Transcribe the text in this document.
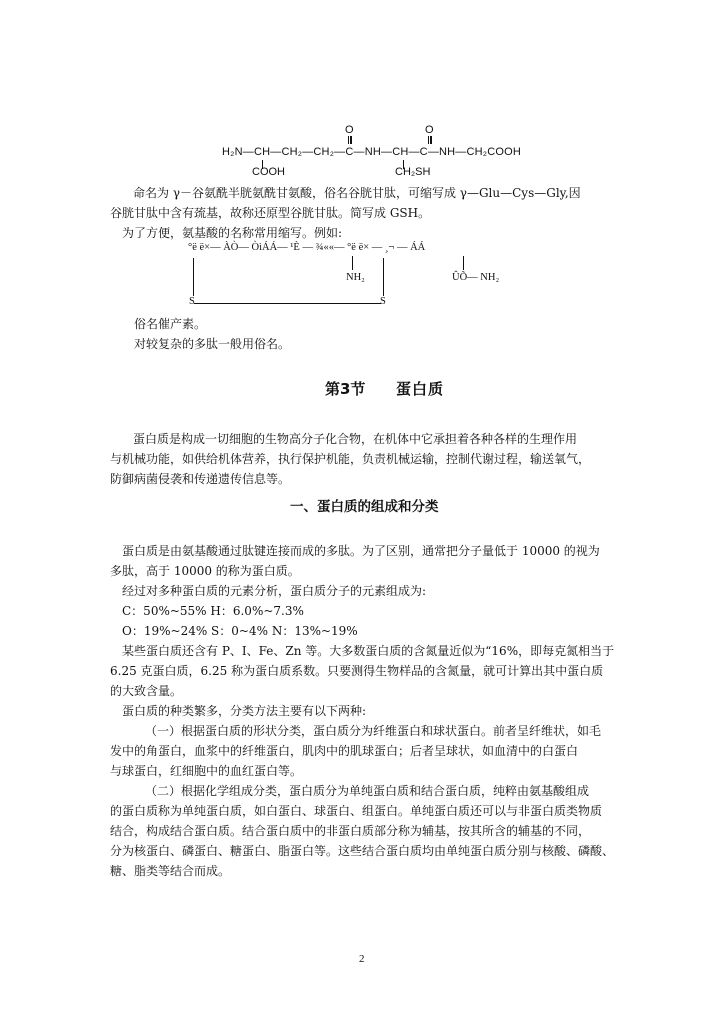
O	O
H₂N—CH—CH₂—CH₂—C—NH—CH—C—NH—CH₂COOH
COOH	CH₂SH
命名为 γ－谷氨酰半胱氨酰甘氨酸，俗名谷胱甘肽，可缩写成 γ—Glu—Cys—Gly,因
谷胱甘肽中含有巯基，故称还原型谷胱甘肽。简写成 GSH。
为了方便，氨基酸的名称常用缩写。例如:
°ë ë×— ÀÒ— ÒìÁÁ— ¹È — ¾««— °ë ë× — ¸¬ — ÁÁ
NH₂	ÛÕ— NH₂
S	S
俗名催产素。
对较复杂的多肽一般用俗名。
第3节 蛋白质
蛋白质是构成一切细胞的生物高分子化合物，在机体中它承担着各种各样的生理作用
与机械功能，如供给机体营养，执行保护机能，负责机械运输，控制代谢过程，输送氧气，
防御病菌侵袭和传递遗传信息等。
一、蛋白质的组成和分类
蛋白质是由氨基酸通过肽键连接而成的多肽。为了区别，通常把分子量低于 10000 的视为
多肽，高于 10000 的称为蛋白质。
经过对多种蛋白质的元素分析，蛋白质分子的元素组成为:
C：50%~55% H：6.0%~7.3%
O：19%~24% S：0~4% N：13%~19%
某些蛋白质还含有 P、I、Fe、Zn 等。大多数蛋白质的含氮量近似为“16%，即每克氮相当于
6.25 克蛋白质，6.25 称为蛋白质系数。只要测得生物样品的含氮量，就可计算出其中蛋白质
的大致含量。
蛋白质的种类繁多，分类方法主要有以下两种:
（一）根据蛋白质的形状分类，蛋白质分为纤维蛋白和球状蛋白。前者呈纤维状，如毛
发中的角蛋白，血浆中的纤维蛋白，肌肉中的肌球蛋白；后者呈球状，如血清中的白蛋白
与球蛋白，红细胞中的血红蛋白等。
（二）根据化学组成分类，蛋白质分为单纯蛋白质和结合蛋白质，纯粹由氨基酸组成
的蛋白质称为单纯蛋白质，如白蛋白、球蛋白、组蛋白。单纯蛋白质还可以与非蛋白质类物质
结合，构成结合蛋白质。结合蛋白质中的非蛋白质部分称为辅基，按其所含的辅基的不同，
分为核蛋白、磷蛋白、糖蛋白、脂蛋白等。这些结合蛋白质均由单纯蛋白质分别与核酸、磷酸、
糖、脂类等结合而成。
2
